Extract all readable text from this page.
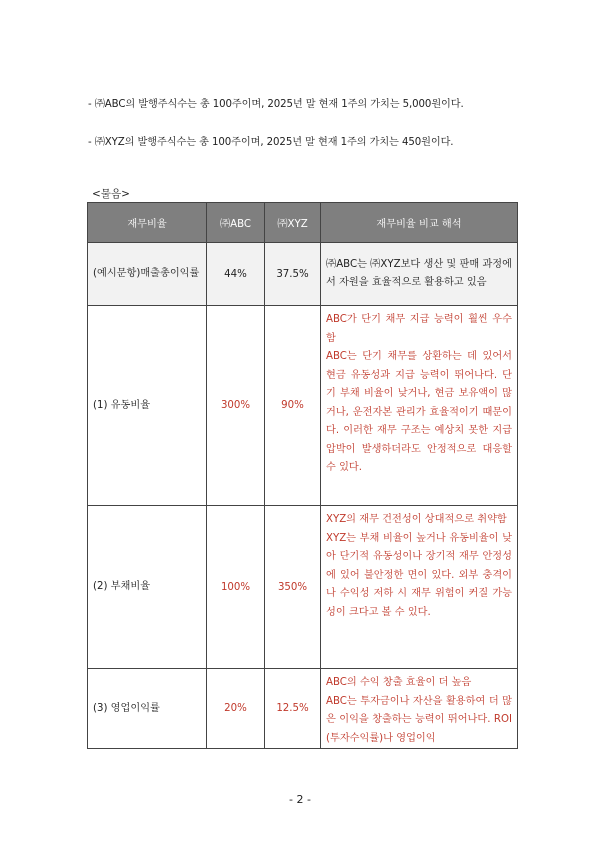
- ㈜ABC의 발행주식수는 총 100주이며, 2025년 말 현재 1주의 가치는 5,000원이다.

- ㈜XYZ의 발행주식수는 총 100주이며, 2025년 말 현재 1주의 가치는 450원이다.

<물음>
재무비율	㈜ABC	㈜XYZ	재무비율 비교 해석
(예시문항)매출총이익률	44%	37.5%	㈜ABC는 ㈜XYZ보다 생산 및 판매 과정에서 자원을 효율적으로 활용하고 있음

(1) 유동비율	300%	90%	ABC가 단기 채무 지급 능력이 훨씬 우수함
ABC는 단기 채무를 상환하는 데 있어서 현금 유동성과 지급 능력이 뛰어나다. 단기 부채 비율이 낮거나, 현금 보유액이 많거나, 운전자본 관리가 효율적이기 때문이다. 이러한 재무 구조는 예상치 못한 지급압박이 발생하더라도 안정적으로 대응할 수 있다.

(2) 부채비율	100%	350%	XYZ의 재무 건전성이 상대적으로 취약함
XYZ는 부채 비율이 높거나 유동비율이 낮아 단기적 유동성이나 장기적 재무 안정성에 있어 불안정한 면이 있다. 외부 충격이나 수익성 저하 시 재무 위험이 커질 가능성이 크다고 볼 수 있다.

(3) 영업이익률	20%	12.5%	ABC의 수익 창출 효율이 더 높음
ABC는 투자금이나 자산을 활용하여 더 많은 이익을 창출하는 능력이 뛰어나다. ROI(투자수익률)나 영업이익
- 2 -
